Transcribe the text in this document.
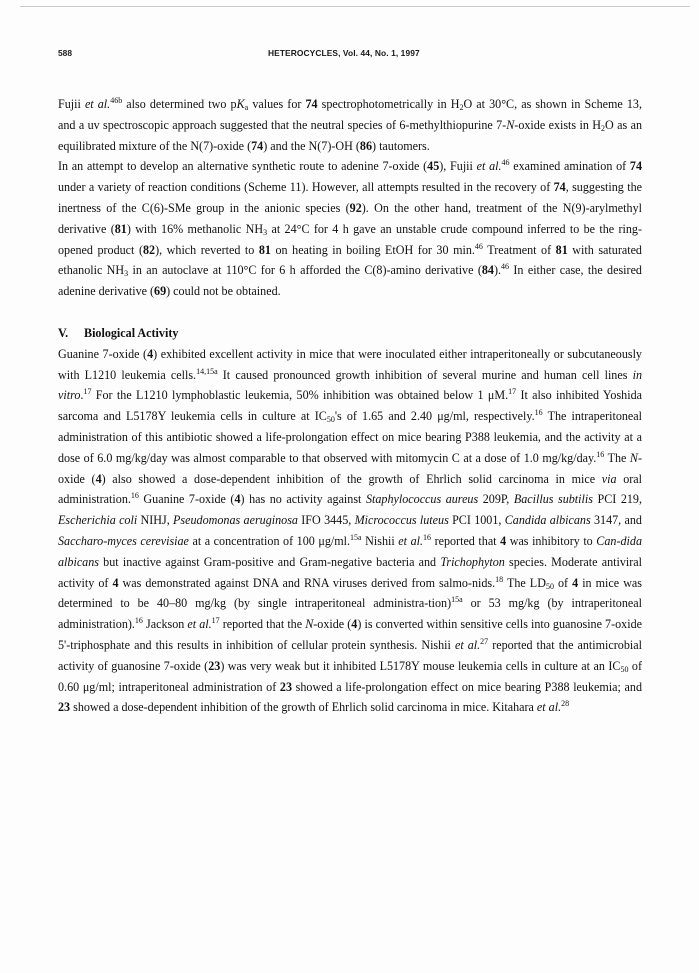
588	HETEROCYCLES, Vol. 44, No. 1, 1997

Fujii et al.$^{46b}$ also determined two $pK_a$ values for 74 spectrophotometrically in $H_2O$ at 30°C, as shown in Scheme 13, and a uv spectroscopic approach suggested that the neutral species of 6-methylthiopurine 7-N-oxide exists in $H_2O$ as an equilibrated mixture of the N(7)-oxide (74) and the N(7)-OH (86) tautomers.

In an attempt to develop an alternative synthetic route to adenine 7-oxide (45), Fujii et al.$^{46}$ examined amination of 74 under a variety of reaction conditions (Scheme 11). However, all attempts resulted in the recovery of 74, suggesting the inertness of the C(6)-SMe group in the anionic species (92). On the other hand, treatment of the N(9)-arylmethyl derivative (81) with 16% methanolic $NH_3$ at 24°C for 4 h gave an unstable crude compound inferred to be the ring-opened product (82), which reverted to 81 on heating in boiling EtOH for 30 min.$^{46}$ Treatment of 81 with saturated ethanolic $NH_3$ in an autoclave at 110°C for 6 h afforded the C(8)-amino derivative (84).$^{46}$ In either case, the desired adenine derivative (69) could not be obtained.

V. Biological Activity

Guanine 7-oxide (4) exhibited excellent activity in mice that were inoculated either intraperitoneally or subcutaneously with L1210 leukemia cells.$^{14,15a}$ It caused pronounced growth inhibition of several murine and human cell lines in vitro.$^{17}$ For the L1210 lymphoblastic leukemia, 50% inhibition was obtained below 1 μM.$^{17}$ It also inhibited Yoshida sarcoma and L5178Y leukemia cells in culture at $IC_{50}'s$ of 1.65 and 2.40 μg/ml, respectively.$^{16}$ The intraperitoneal administration of this antibiotic showed a life-prolongation effect on mice bearing P388 leukemia, and the activity at a dose of 6.0 mg/kg/day was almost comparable to that observed with mitomycin C at a dose of 1.0 mg/kg/day.$^{16}$ The N-oxide (4) also showed a dose-dependent inhibition of the growth of Ehrlich solid carcinoma in mice via oral administration.$^{16}$ Guanine 7-oxide (4) has no activity against Staphylococcus aureus 209P, Bacillus subtilis PCI 219, Escherichia coli NIHJ, Pseudomonas aeruginosa IFO 3445, Micrococcus luteus PCI 1001, Candida albicans 3147, and Saccharo-myces cerevisiae at a concentration of 100 μg/ml.$^{15a}$ Nishii et al.$^{16}$ reported that 4 was inhibitory to Can-dida albicans but inactive against Gram-positive and Gram-negative bacteria and Trichophyton species. Moderate antiviral activity of 4 was demonstrated against DNA and RNA viruses derived from salmo-nids.$^{18}$ The $LD_{50}$ of 4 in mice was determined to be 40–80 mg/kg (by single intraperitoneal administra-tion)$^{15a}$ or 53 mg/kg (by intraperitoneal administration).$^{16}$ Jackson et al.$^{17}$ reported that the N-oxide (4) is converted within sensitive cells into guanosine 7-oxide 5'-triphosphate and this results in inhibition of cellular protein synthesis. Nishii et al.$^{27}$ reported that the antimicrobial activity of guanosine 7-oxide (23) was very weak but it inhibited L5178Y mouse leukemia cells in culture at an $IC_{50}$ of 0.60 μg/ml; intraperitoneal administration of 23 showed a life-prolongation effect on mice bearing P388 leukemia; and 23 showed a dose-dependent inhibition of the growth of Ehrlich solid carcinoma in mice. Kitahara et al.$^{28}$
